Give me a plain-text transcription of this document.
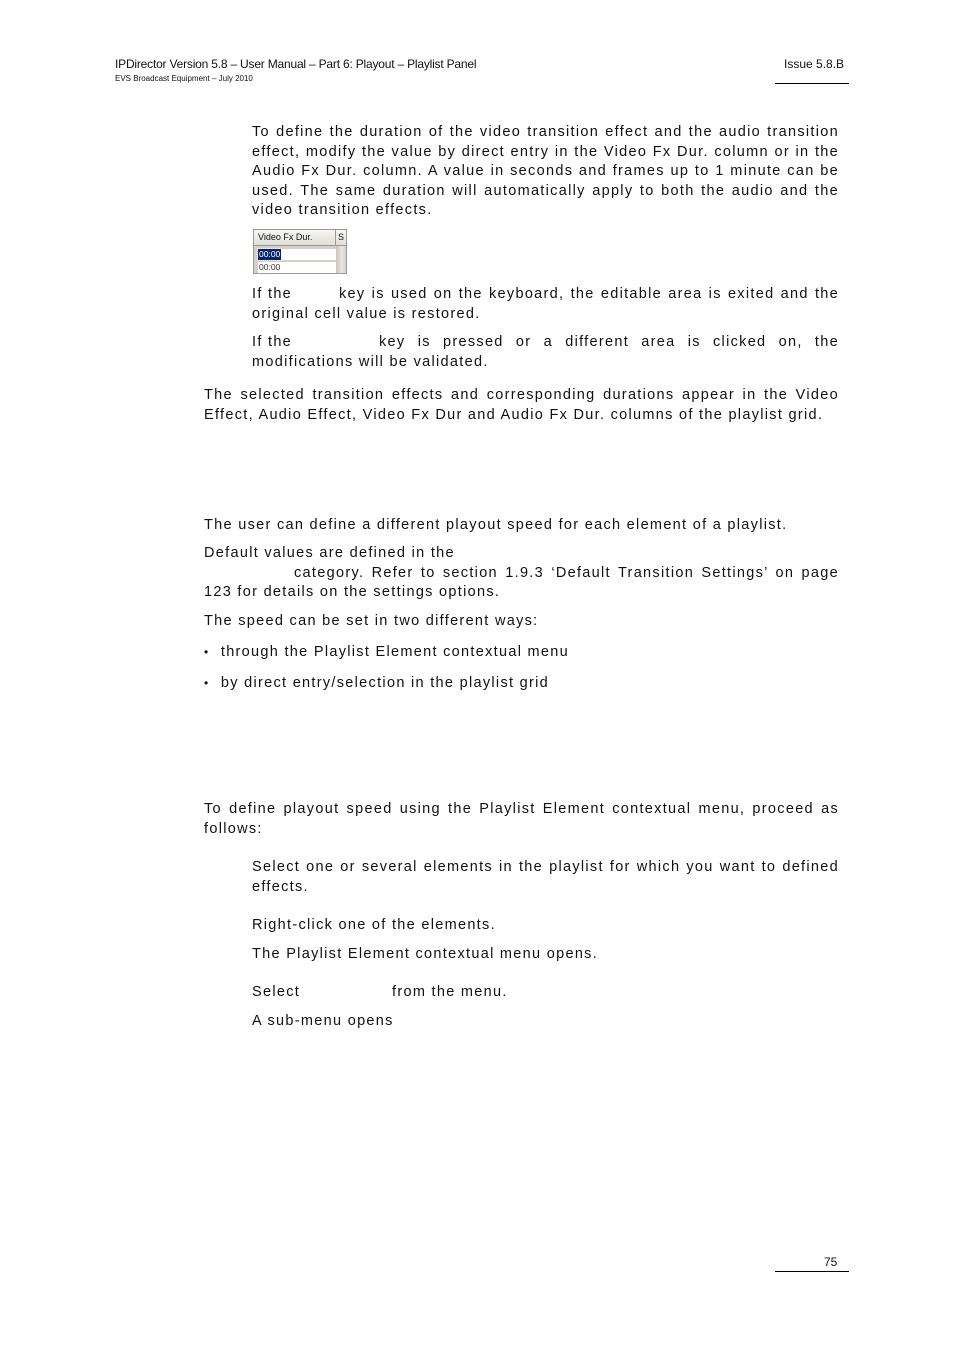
IPDirector Version 5.8 – User Manual – Part 6: Playout – Playlist Panel
EVS Broadcast Equipment – July 2010
Issue 5.8.B
To define the duration of the video transition effect and the audio transition
effect, modify the value by direct entry in the Video Fx Dur. column or in the
Audio Fx Dur. column. A value in seconds and frames up to 1 minute can be
used. The same duration will automatically apply to both the audio and the
video transition effects.
Video Fx Dur.	S
00:00
00:00
If the	key is used on the keyboard, the editable area is exited and the
original cell value is restored.
If the	key is pressed or a different area is clicked on, the
modifications will be validated.
The selected transition effects and corresponding durations appear in the Video
Effect, Audio Effect, Video Fx Dur and Audio Fx Dur. columns of the playlist grid.
The user can define a different playout speed for each element of a playlist.
Default values are defined in the
category. Refer to section 1.9.3 ‘Default Transition Settings’ on page
123 for details on the settings options.
The speed can be set in two different ways:
• through the Playlist Element contextual menu
• by direct entry/selection in the playlist grid
To define playout speed using the Playlist Element contextual menu, proceed as
follows:
Select one or several elements in the playlist for which you want to defined
effects.
Right-click one of the elements.
The Playlist Element contextual menu opens.
Select	from the menu.
A sub-menu opens
75
